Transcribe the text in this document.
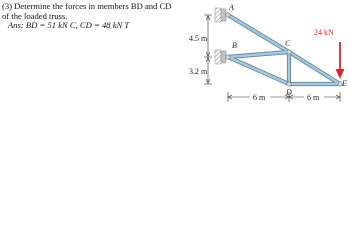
(3) Determine the forces in members BD and CD
of the loaded truss.
Ans: BD = 51 kN C, CD = 48 kN T
A
B	C
D
E
4.5 m
3.2 m
6 m	6 m
24 kN
